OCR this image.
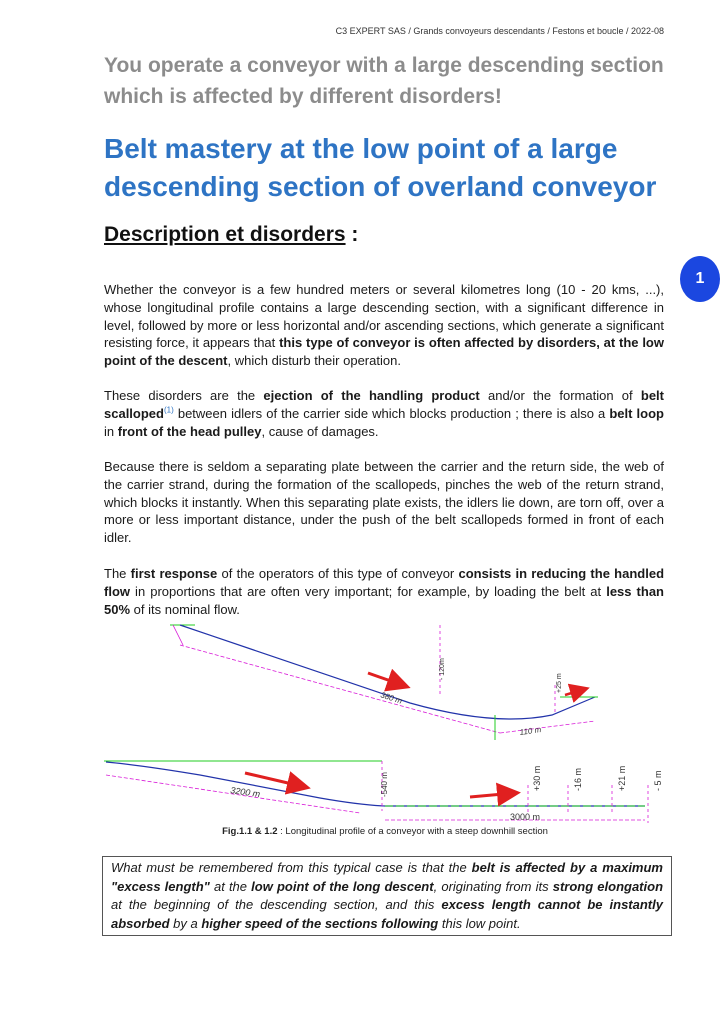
C3 EXPERT SAS / Grands convoyeurs descendants / Festons et boucle / 2022-08
You operate a conveyor with a large descending section which is affected by different disorders!
Belt mastery at the low point of a large descending section of overland conveyor
Description et disorders :
1

Whether the conveyor is a few hundred meters or several kilometres long (10 - 20 kms, ...), whose longitudinal profile contains a large descending section, with a significant difference in level, followed by more or less horizontal and/or ascending sections, which generate a significant resisting force, it appears that this type of conveyor is often affected by disorders, at the low point of the descent, which disturb their operation.

These disorders are the ejection of the handling product and/or the formation of belt scalloped$^{(1)}$ between idlers of the carrier side which blocks production ; there is also a belt loop in front of the head pulley, cause of damages.

Because there is seldom a separating plate between the carrier and the return side, the web of the carrier strand, during the formation of the scallopeds, pinches the web of the return strand, which blocks it instantly. When this separating plate exists, the idlers lie down, are torn off, over a more or less important distance, under the push of the belt scallopeds formed in front of each idler.

The first response of the operators of this type of conveyor consists in reducing the handled flow in proportions that are often very important; for example, by loading the belt at less than 50% of its nominal flow.

380 m
- 120m
+25 m
110 m
3200 m	-540 m
3000 m
+30 m	-16 m	+21 m	- 5 m
Fig.1.1 & 1.2 : Longitudinal profile of a conveyor with a steep downhill section
What must be remembered from this typical case is that the belt is affected by a maximum "excess length" at the low point of the long descent, originating from its strong elongation at the beginning of the descending section, and this excess length cannot be instantly absorbed by a higher speed of the sections following this low point.
